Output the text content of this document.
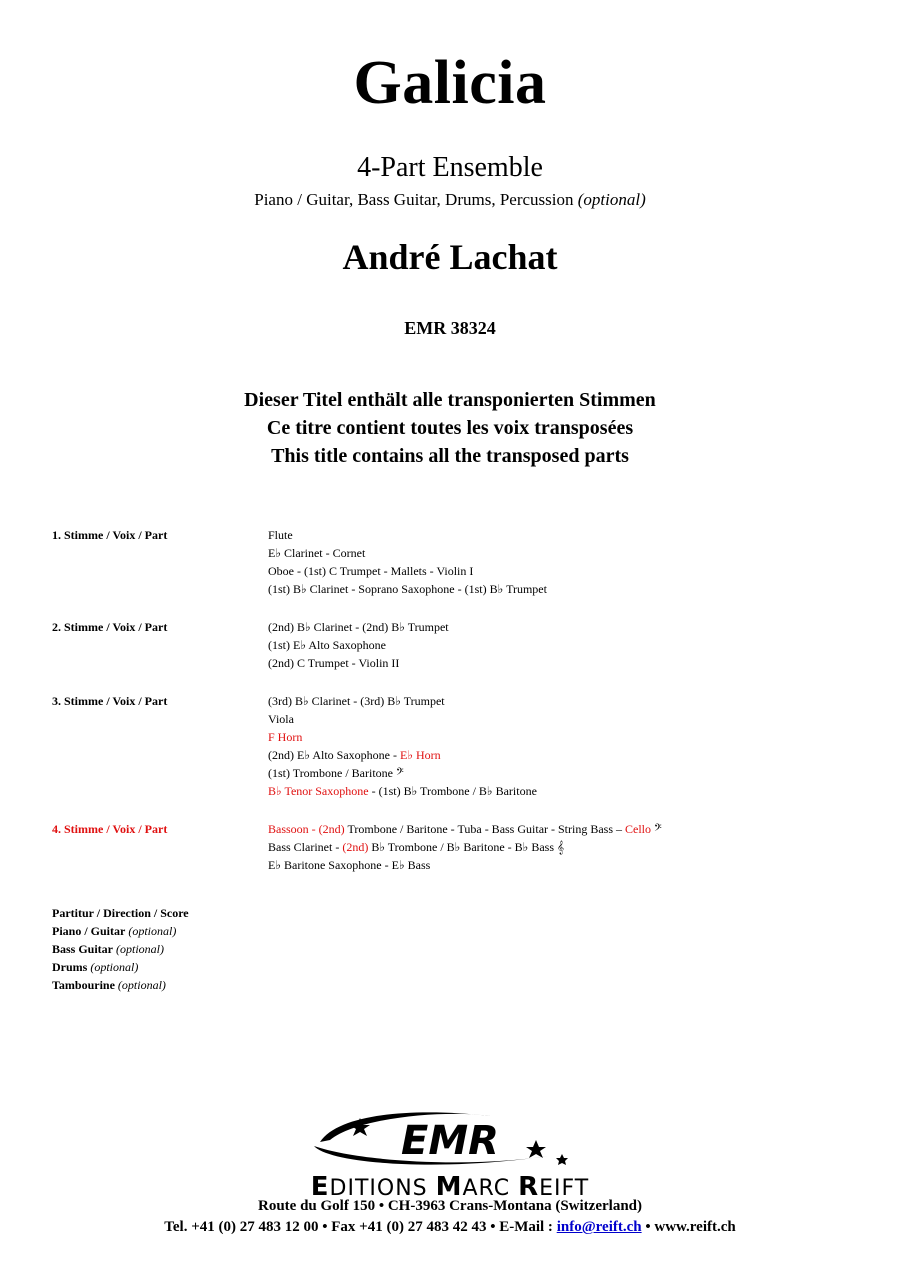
Galicia
4-Part Ensemble
Piano / Guitar, Bass Guitar, Drums, Percussion (optional)
André Lachat
EMR 38324
Dieser Titel enthält alle transponierten Stimmen
Ce titre contient toutes les voix transposées
This title contains all the transposed parts
1. Stimme / Voix / Part	Flute
E♭ Clarinet - Cornet
Oboe - (1st) C Trumpet - Mallets - Violin I
(1st) B♭ Clarinet - Soprano Saxophone - (1st) B♭ Trumpet
2. Stimme / Voix / Part	(2nd) B♭ Clarinet - (2nd) B♭ Trumpet
(1st) E♭ Alto Saxophone
(2nd) C Trumpet - Violin II
3. Stimme / Voix / Part	(3rd) B♭ Clarinet - (3rd) B♭ Trumpet
Viola
F Horn
(2nd) E♭ Alto Saxophone - E♭ Horn
(1st) Trombone / Baritone 𝄢
B♭ Tenor Saxophone - (1st) B♭ Trombone / B♭ Baritone
4. Stimme / Voix / Part	Bassoon - (2nd) Trombone / Baritone - Tuba - Bass Guitar - String Bass – Cello 𝄢
Bass Clarinet - (2nd) B♭ Trombone / B♭ Baritone - B♭ Bass 𝄞
E♭ Baritone Saxophone - E♭ Bass
Partitur / Direction / Score
Piano / Guitar (optional)
Bass Guitar (optional)
Drums (optional)
Tambourine (optional)
EMR
EDITIONS MARC REIFT
Route du Golf 150 • CH-3963 Crans-Montana (Switzerland)
Tel. +41 (0) 27 483 12 00 • Fax +41 (0) 27 483 42 43 • E-Mail : info@reift.ch • www.reift.ch
